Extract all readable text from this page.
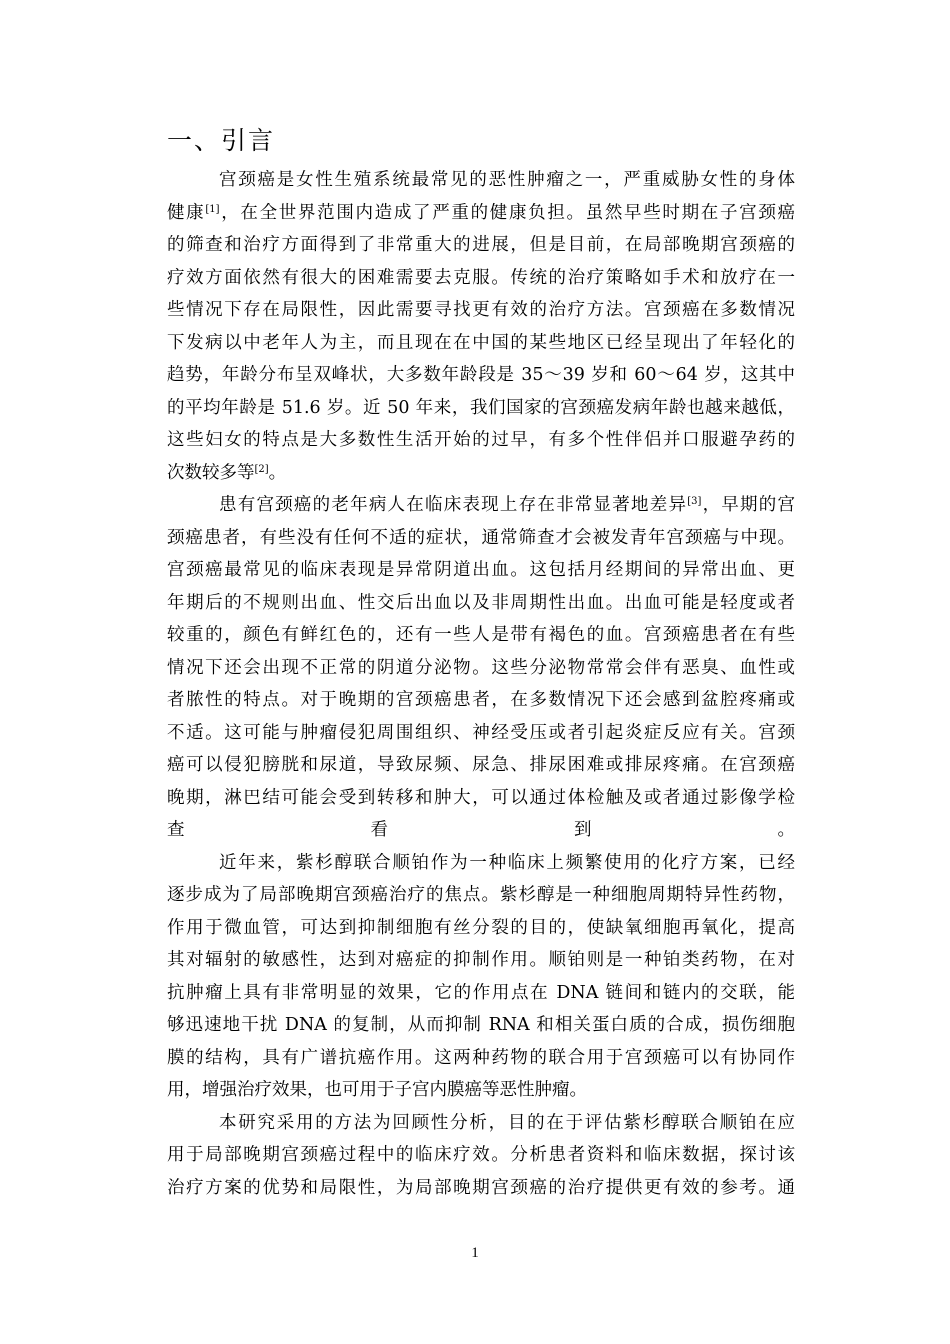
一、引言

宫颈癌是女性生殖系统最常见的恶性肿瘤之一，严重威胁女性的身体
健康[1]，在全世界范围内造成了严重的健康负担。虽然早些时期在子宫颈癌
的筛查和治疗方面得到了非常重大的进展，但是目前，在局部晚期宫颈癌的
疗效方面依然有很大的困难需要去克服。传统的治疗策略如手术和放疗在一
些情况下存在局限性，因此需要寻找更有效的治疗方法。宫颈癌在多数情况
下发病以中老年人为主，而且现在在中国的某些地区已经呈现出了年轻化的
趋势，年龄分布呈双峰状，大多数年龄段是 35～39 岁和 60～64 岁，这其中
的平均年龄是 51.6 岁。近 50 年来，我们国家的宫颈癌发病年龄也越来越低，
这些妇女的特点是大多数性生活开始的过早，有多个性伴侣并口服避孕药的
次数较多等[2]。

患有宫颈癌的老年病人在临床表现上存在非常显著地差异[3]，早期的宫
颈癌患者，有些没有任何不适的症状，通常筛查才会被发青年宫颈癌与中现。
宫颈癌最常见的临床表现是异常阴道出血。这包括月经期间的异常出血、更
年期后的不规则出血、性交后出血以及非周期性出血。出血可能是轻度或者
较重的，颜色有鲜红色的，还有一些人是带有褐色的血。宫颈癌患者在有些
情况下还会出现不正常的阴道分泌物。这些分泌物常常会伴有恶臭、血性或
者脓性的特点。对于晚期的宫颈癌患者，在多数情况下还会感到盆腔疼痛或
不适。这可能与肿瘤侵犯周围组织、神经受压或者引起炎症反应有关。宫颈
癌可以侵犯膀胱和尿道，导致尿频、尿急、排尿困难或排尿疼痛。在宫颈癌
晚期，淋巴结可能会受到转移和肿大，可以通过体检触及或者通过影像学检
查看到。

近年来，紫杉醇联合顺铂作为一种临床上频繁使用的化疗方案，已经
逐步成为了局部晚期宫颈癌治疗的焦点。紫杉醇是一种细胞周期特异性药物，
作用于微血管，可达到抑制细胞有丝分裂的目的，使缺氧细胞再氧化，提高
其对辐射的敏感性，达到对癌症的抑制作用。顺铂则是一种铂类药物，在对
抗肿瘤上具有非常明显的效果，它的作用点在 DNA 链间和链内的交联，能
够迅速地干扰 DNA 的复制，从而抑制 RNA 和相关蛋白质的合成，损伤细胞
膜的结构，具有广谱抗癌作用。这两种药物的联合用于宫颈癌可以有协同作
用，增强治疗效果，也可用于子宫内膜癌等恶性肿瘤。

本研究采用的方法为回顾性分析，目的在于评估紫杉醇联合顺铂在应
用于局部晚期宫颈癌过程中的临床疗效。分析患者资料和临床数据，探讨该
治疗方案的优势和局限性，为局部晚期宫颈癌的治疗提供更有效的参考。通

1
